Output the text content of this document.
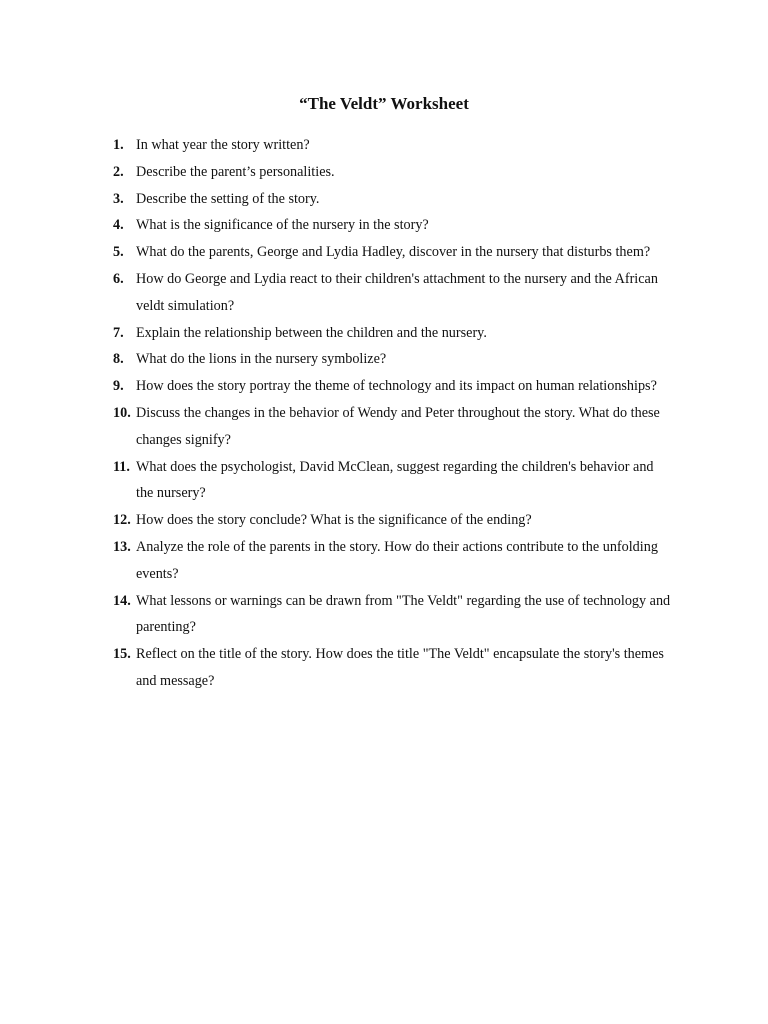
“The Veldt” Worksheet
1. In what year the story written?
2. Describe the parent’s personalities.
3. Describe the setting of the story.
4. What is the significance of the nursery in the story?
5. What do the parents, George and Lydia Hadley, discover in the nursery that disturbs them?
6. How do George and Lydia react to their children's attachment to the nursery and the African veldt simulation?
7. Explain the relationship between the children and the nursery.
8. What do the lions in the nursery symbolize?
9. How does the story portray the theme of technology and its impact on human relationships?
10. Discuss the changes in the behavior of Wendy and Peter throughout the story. What do these changes signify?
11. What does the psychologist, David McClean, suggest regarding the children's behavior and the nursery?
12. How does the story conclude? What is the significance of the ending?
13. Analyze the role of the parents in the story. How do their actions contribute to the unfolding events?
14. What lessons or warnings can be drawn from "The Veldt" regarding the use of technology and parenting?
15. Reflect on the title of the story. How does the title "The Veldt" encapsulate the story's themes and message?
